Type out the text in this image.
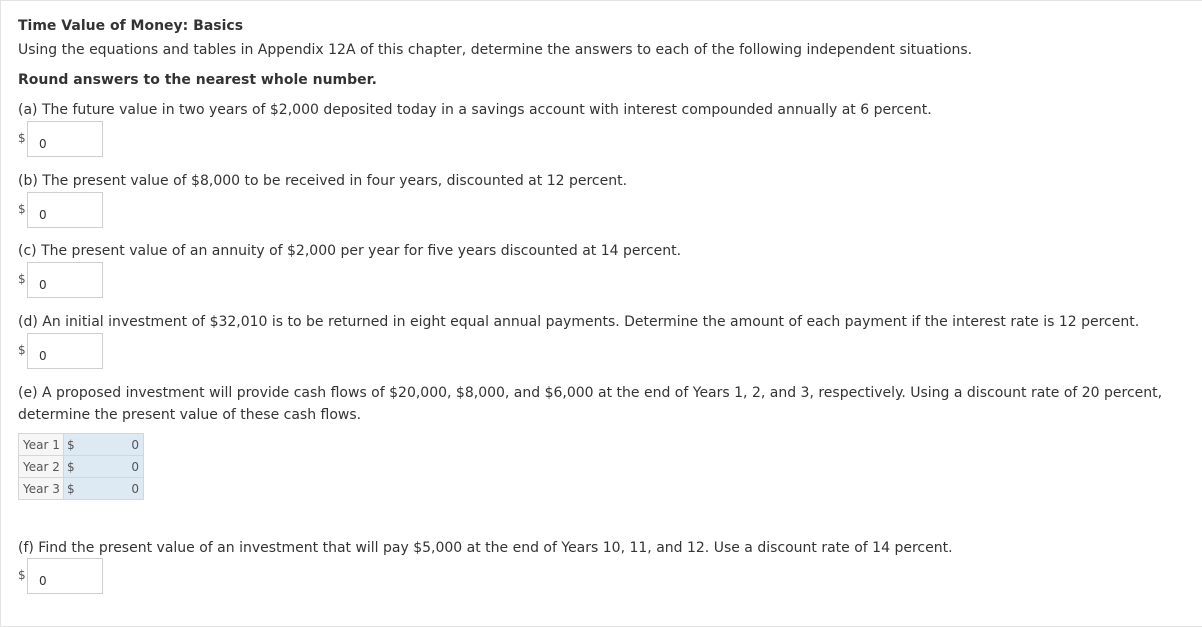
Time Value of Money: Basics
Using the equations and tables in Appendix 12A of this chapter, determine the answers to each of the following independent situations.
Round answers to the nearest whole number.
(a) The future value in two years of $2,000 deposited today in a savings account with interest compounded annually at 6 percent.
$
0
(b) The present value of $8,000 to be received in four years, discounted at 12 percent.
$
0
(c) The present value of an annuity of $2,000 per year for five years discounted at 14 percent.
$
0
(d) An initial investment of $32,010 is to be returned in eight equal annual payments. Determine the amount of each payment if the interest rate is 12 percent.
$
0
(e) A proposed investment will provide cash flows of $20,000, $8,000, and $6,000 at the end of Years 1, 2, and 3, respectively. Using a discount rate of 20 percent, determine the present value of these cash flows.
Year 1	$ 0

Year 2	$ 0

Year 3	$ 0
(f) Find the present value of an investment that will pay $5,000 at the end of Years 10, 11, and 12. Use a discount rate of 14 percent.
$
0
